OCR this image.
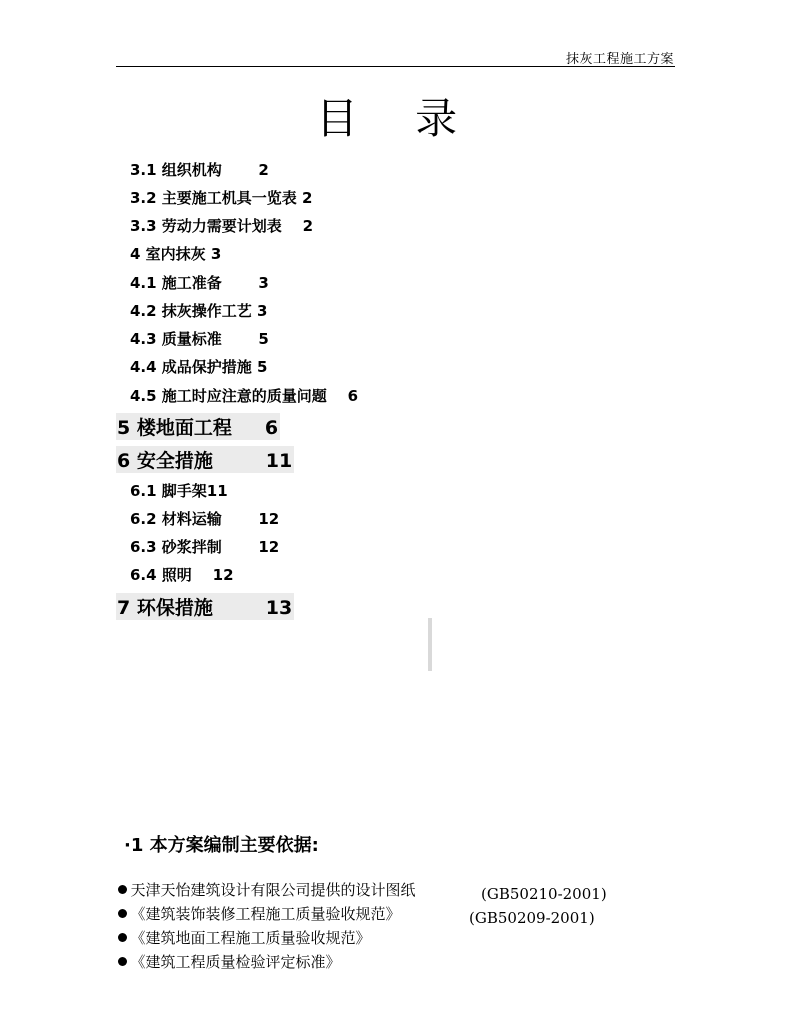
抹灰工程施工方案
目 录
3.1 组织机构       2
3.2 主要施工机具一览表 2
3.3 劳动力需要计划表    2
4 室内抹灰 3
4.1 施工准备       3
4.2 抹灰操作工艺 3
4.3 质量标准       5
4.4 成品保护措施 5
4.5 施工时应注意的质量问题    6
5 楼地面工程     6
6 安全措施        11
6.1 脚手架11
6.2 材料运输       12
6.3 砂浆拌制       12
6.4 照明    12
7 环保措施        13
·1 本方案编制主要依据:

天津天怡建筑设计有限公司提供的设计图纸

《建筑装饰装修工程施工质量验收规范》

(GB50210-2001)

《建筑地面工程施工质量验收规范》

(GB50209-2001)

《建筑工程质量检验评定标准》
